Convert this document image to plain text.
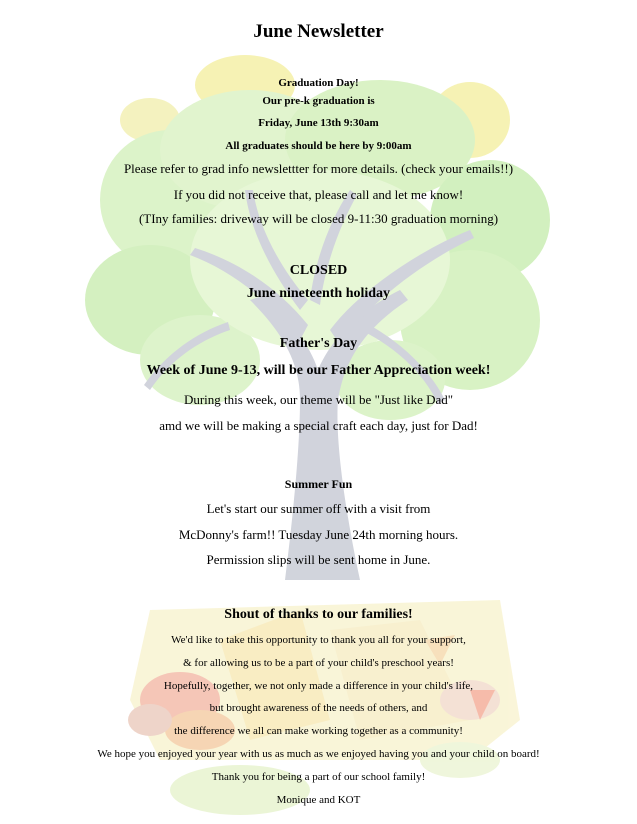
June Newsletter
Graduation Day!
Our pre-k graduation is
Friday, June 13th 9:30am
All graduates should be here by 9:00am
Please refer to grad info newslettter for more details. (check your emails!!)
If you did not receive that, please call and let me know!
(TIny families: driveway will be closed 9-11:30 graduation morning)
CLOSED
June nineteenth holiday
Father's Day
Week of June 9-13, will be our Father Appreciation week!
During this week, our theme will be "Just like Dad"
amd we will be making a special craft each day, just for Dad!
Summer Fun
Let's start our summer off with a visit from
McDonny's farm!! Tuesday June 24th morning hours.
Permission slips will be sent home in June.
Shout of thanks to our families!
We'd like to take this opportunity to thank you all for your support,
& for allowing us to be a part of your child's preschool years!
Hopefully, together, we not only made a difference in your child's life,
but brought awareness of the needs of others, and
the difference we all can make working together as a community!
We hope you enjoyed your year with us as much as we enjoyed having you and your child on board!
Thank you for being a part of our school family!
Monique and KOT
